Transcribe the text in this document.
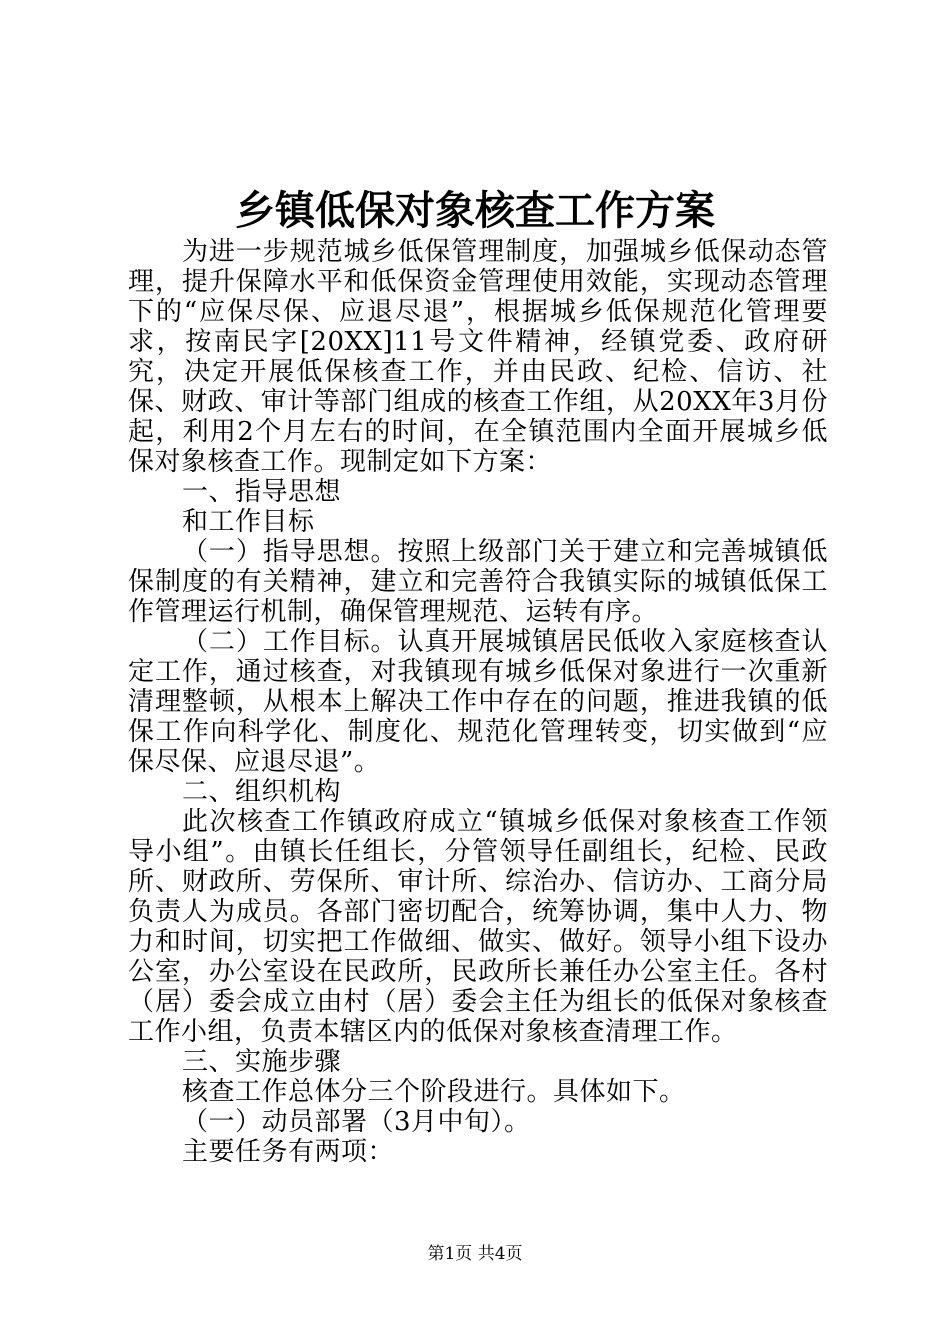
乡镇低保对象核查工作方案

为进一步规范城乡低保管理制度，加强城乡低保动态管理，提升保障水平和低保资金管理使用效能，实现动态管理下的“应保尽保、应退尽退”，根据城乡低保规范化管理要求，按南民字[20XX]11号文件精神，经镇党委、政府研究，决定开展低保核查工作，并由民政、纪检、信访、社保、财政、审计等部门组成的核查工作组，从20XX年3月份起，利用2个月左右的时间，在全镇范围内全面开展城乡低保对象核查工作。现制定如下方案：

一、指导思想

和工作目标

（一）指导思想。按照上级部门关于建立和完善城镇低保制度的有关精神，建立和完善符合我镇实际的城镇低保工作管理运行机制，确保管理规范、运转有序。

（二）工作目标。认真开展城镇居民低收入家庭核查认定工作，通过核查，对我镇现有城乡低保对象进行一次重新清理整顿，从根本上解决工作中存在的问题，推进我镇的低保工作向科学化、制度化、规范化管理转变，切实做到“应保尽保、应退尽退”。

二、组织机构

此次核查工作镇政府成立“镇城乡低保对象核查工作领导小组”。由镇长任组长，分管领导任副组长，纪检、民政所、财政所、劳保所、审计所、综治办、信访办、工商分局负责人为成员。各部门密切配合，统筹协调，集中人力、物力和时间，切实把工作做细、做实、做好。领导小组下设办公室，办公室设在民政所，民政所长兼任办公室主任。各村（居）委会成立由村（居）委会主任为组长的低保对象核查工作小组，负责本辖区内的低保对象核查清理工作。

三、实施步骤

核查工作总体分三个阶段进行。具体如下。

（一）动员部署（3月中旬）。

主要任务有两项：

第1页 共4页
